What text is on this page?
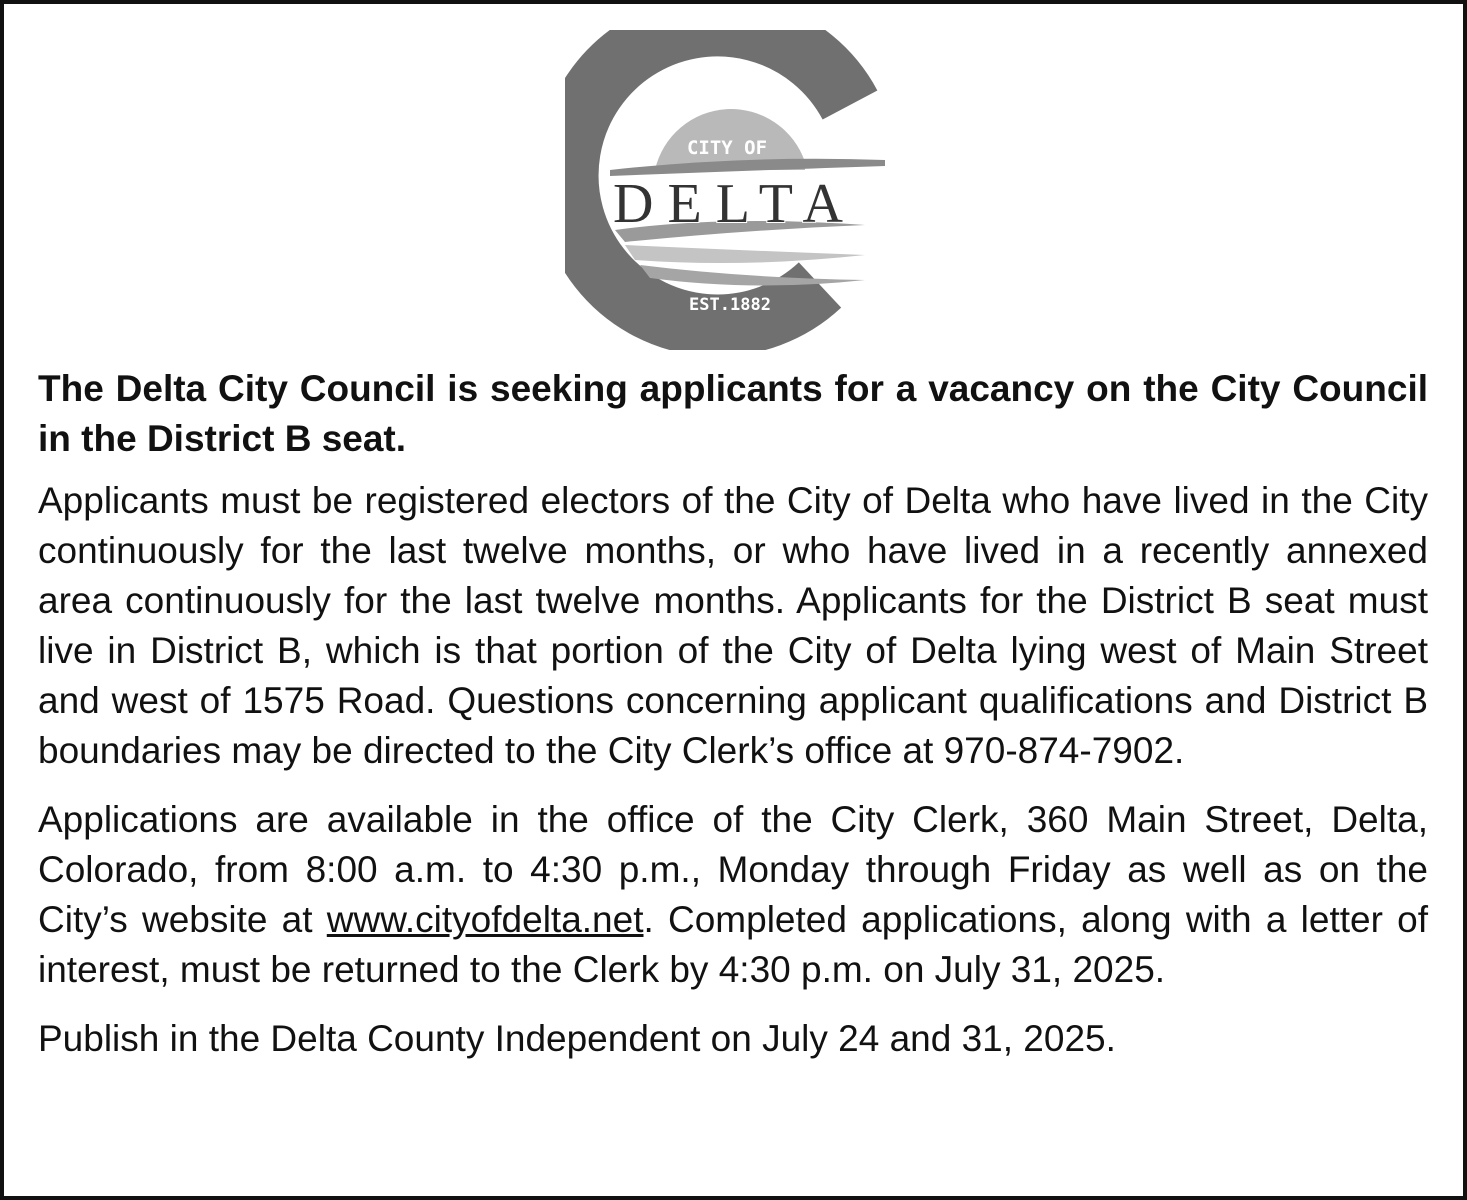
CITY OF
DELTA
EST.1882

The Delta City Council is seeking applicants for a vacancy on the City Council in the District B seat.

Applicants must be registered electors of the City of Delta who have lived in the City continuously for the last twelve months, or who have lived in a recently annexed area continuously for the last twelve months. Applicants for the District B seat must live in District B, which is that portion of the City of Delta lying west of Main Street and west of 1575 Road. Questions concerning applicant qualifications and District B boundaries may be directed to the City Clerk’s office at 970-874-7902.

Applications are available in the office of the City Clerk, 360 Main Street, Delta, Colorado, from 8:00 a.m. to 4:30 p.m., Monday through Friday as well as on the City’s website at www.cityofdelta.net. Completed applications, along with a letter of interest, must be returned to the Clerk by 4:30 p.m. on July 31, 2025.

Publish in the Delta County Independent on July 24 and 31, 2025.
